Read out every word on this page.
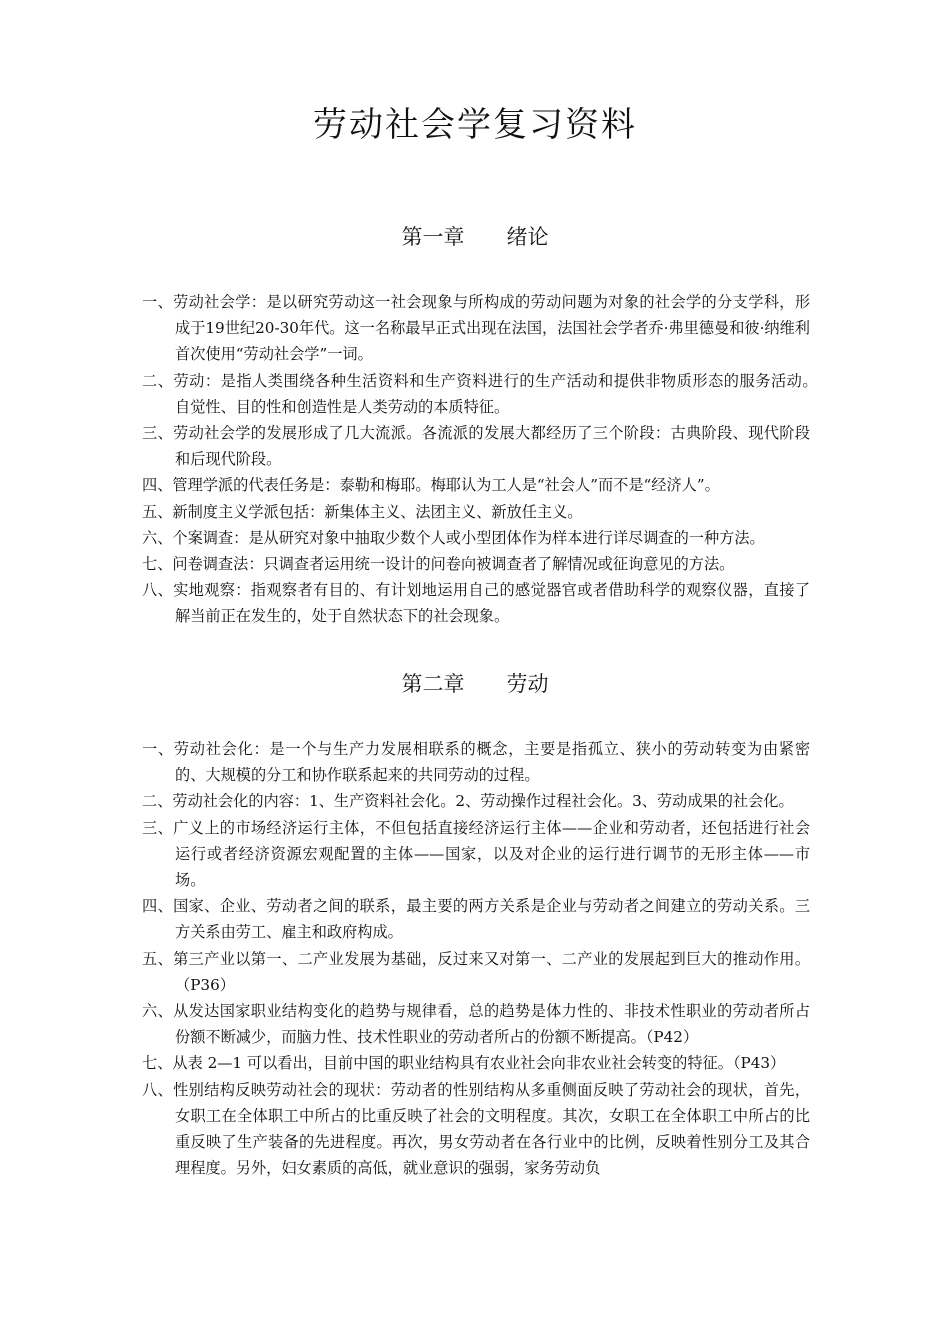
劳动社会学复习资料
第一章　　绪论

一、劳动社会学：是以研究劳动这一社会现象与所构成的劳动问题为对象的社会学的分支学科，形成于19世纪20-30年代。这一名称最早正式出现在法国，法国社会学者乔·弗里德曼和彼·纳维利首次使用“劳动社会学”一词。

二、劳动：是指人类围绕各种生活资料和生产资料进行的生产活动和提供非物质形态的服务活动。　自觉性、目的性和创造性是人类劳动的本质特征。

三、劳动社会学的发展形成了几大流派。各流派的发展大都经历了三个阶段：古典阶段、现代阶段和后现代阶段。

四、管理学派的代表任务是：泰勒和梅耶。梅耶认为工人是“社会人”而不是“经济人”。

五、新制度主义学派包括：新集体主义、法团主义、新放任主义。

六、个案调查：是从研究对象中抽取少数个人或小型团体作为样本进行详尽调查的一种方法。

七、问卷调查法：只调查者运用统一设计的问卷向被调查者了解情况或征询意见的方法。

八、实地观察：指观察者有目的、有计划地运用自己的感觉器官或者借助科学的观察仪器，直接了解当前正在发生的，处于自然状态下的社会现象。

第二章　　劳动

一、劳动社会化：是一个与生产力发展相联系的概念，主要是指孤立、狭小的劳动转变为由紧密的、大规模的分工和协作联系起来的共同劳动的过程。

二、劳动社会化的内容：1、生产资料社会化。2、劳动操作过程社会化。3、劳动成果的社会化。

三、广义上的市场经济运行主体，不但包括直接经济运行主体——企业和劳动者，还包括进行社会运行或者经济资源宏观配置的主体——国家，以及对企业的运行进行调节的无形主体——市场。

四、国家、企业、劳动者之间的联系，最主要的两方关系是企业与劳动者之间建立的劳动关系。三方关系由劳工、雇主和政府构成。

五、第三产业以第一、二产业发展为基础，反过来又对第一、二产业的发展起到巨大的推动作用。（P36）

六、从发达国家职业结构变化的趋势与规律看，总的趋势是体力性的、非技术性职业的劳动者所占份额不断减少，而脑力性、技术性职业的劳动者所占的份额不断提高。（P42）

七、从表 2—1 可以看出，目前中国的职业结构具有农业社会向非农业社会转变的特征。（P43）

八、性别结构反映劳动社会的现状：劳动者的性别结构从多重侧面反映了劳动社会的现状，首先，女职工在全体职工中所占的比重反映了社会的文明程度。其次，女职工在全体职工中所占的比重反映了生产装备的先进程度。再次，男女劳动者在各行业中的比例，反映着性别分工及其合理程度。另外，妇女素质的高低，就业意识的强弱，家务劳动负
